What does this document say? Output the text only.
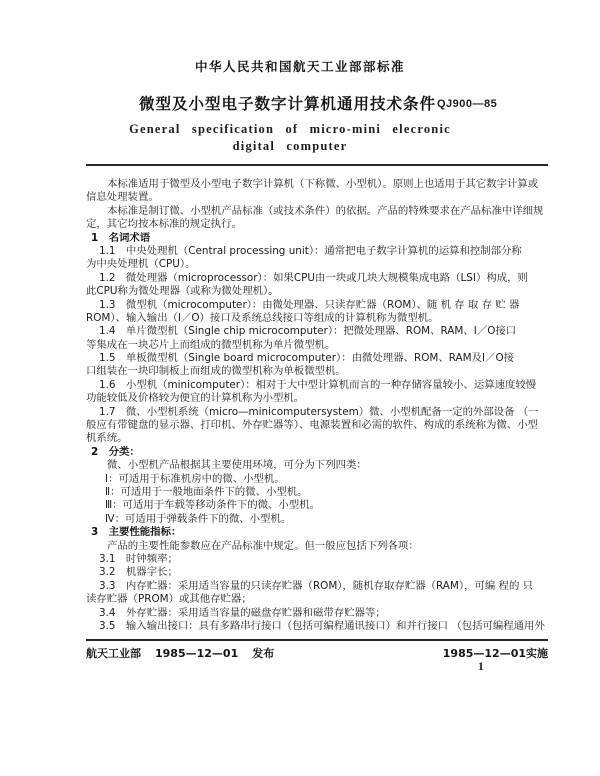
中华人民共和国航天工业部部标准
微型及小型电子数字计算机通用技术条件 QJ900—85
General specification of micro-mini elecronic
digital computer
本标准适用于微型及小型电子数字计算机（下称微、小型机）。原则上也适用于其它数字计算或
信息处理装置。
本标准是制订微、小型机产品标准（或技术条件）的依据。产品的特殊要求在产品标准中详细规
定，其它均按本标准的规定执行。
1　名词术语
1.1　中央处理机（Central processing unit）：通常把电子数字计算机的运算和控制部分称
为中央处理机（CPU）。
1.2　微处理器（microprocessor）：如果CPU由一块或几块大规模集成电路（LSI）构成，则
此CPU称为微处理器（或称为微处理机）。
1.3　微型机（microcomputer）：由微处理器、只读存贮器（ROM）、随 机 存 取 存 贮 器
ROM）、输入输出（I／O）接口及系统总线接口等组成的计算机称为微型机。
1.4　单片微型机（Single chip microcomputer）：把微处理器、ROM、RAM、I／O接口
等集成在一块芯片上而组成的微型机称为单片微型机。
1.5　单板微型机（Single board microcomputer）：由微处理器、ROM、RAM及I／O接
口组装在一块印制板上而组成的微型机称为单板微型机。
1.6　小型机（minicomputer）：相对于大中型计算机而言的一种存储容量较小、运算速度较慢
功能较低及价格较为便宜的计算机称为小型机。
1.7　微、小型机系统（micro—minicomputersystem）微、小型机配备一定的外部设备 （一
般应有带键盘的显示器、打印机、外存贮器等）、电源装置和必需的软件、构成的系统称为微、小型
机系统。
2　分类：
微、小型机产品根据其主要使用环境，可分为下列四类：
Ⅰ：可适用于标准机房中的微、小型机。
Ⅱ：可适用于一般地面条件下的微、小型机。
Ⅲ：可适用于车载等移动条件下的微、小型机。
Ⅳ：可适用于弹载条件下的微、小型机。
3　主要性能指标：
产品的主要性能参数应在产品标准中规定。但一般应包括下列各项：
3.1　时钟频率；
3.2　机器字长；
3.3　内存贮器：采用适当容量的只读存贮器（ROM），随机存取存贮器（RAM），可编 程的 只
读存贮器（PROM）或其他存贮器；
3.4　外存贮器：采用适当容量的磁盘存贮器和磁带存贮器等；
3.5　输入输出接口：具有多路串行接口（包括可编程通讯接口）和并行接口 （包括可编程通用外
航天工业部 1985—12—01 发布	1985—12—01实施
1
